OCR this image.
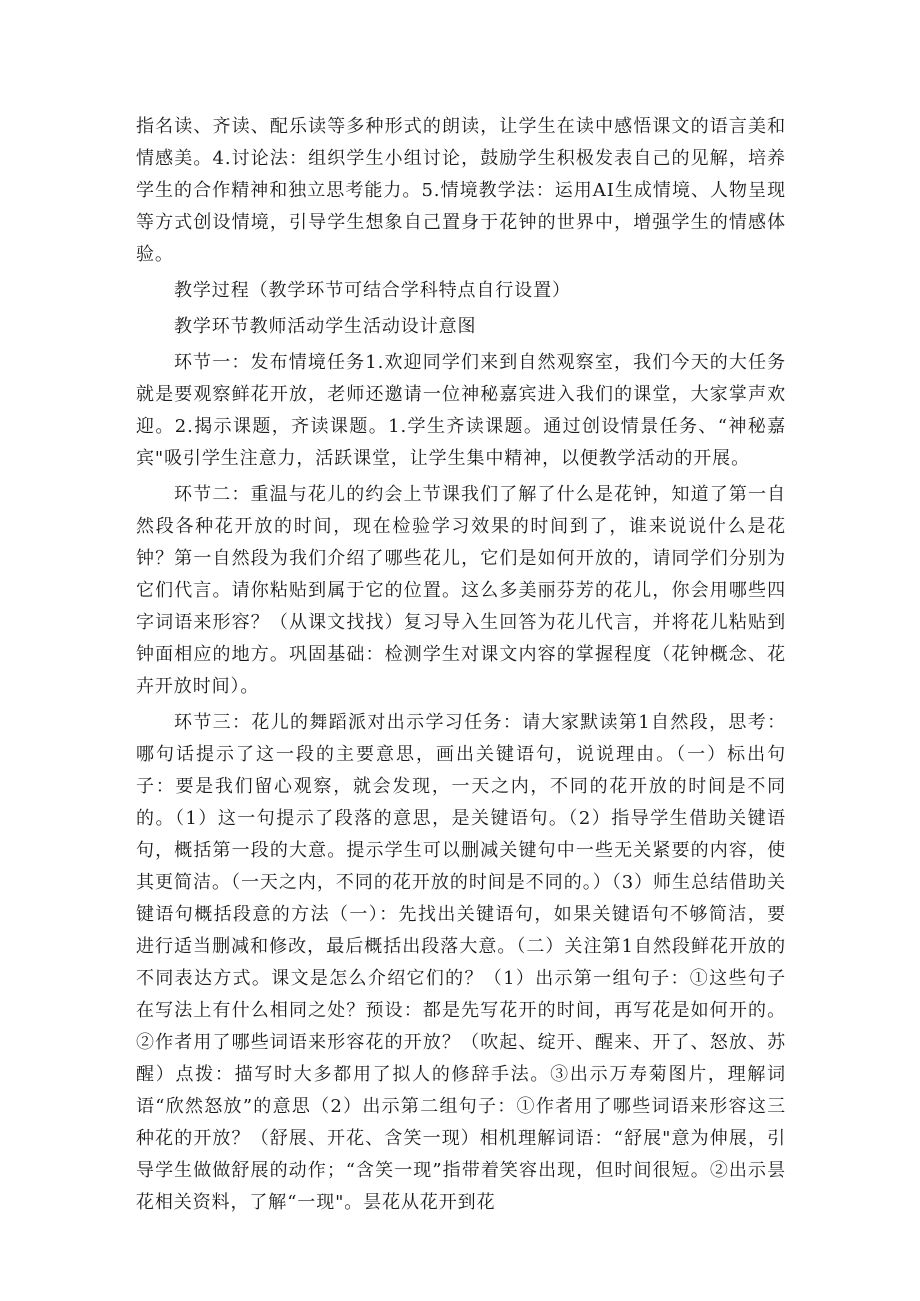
指名读、齐读、配乐读等多种形式的朗读，让学生在读中感悟课文的语言美和情感美。4.讨论法：组织学生小组讨论，鼓励学生积极发表自己的见解，培养学生的合作精神和独立思考能力。5.情境教学法：运用AI生成情境、人物呈现等方式创设情境，引导学生想象自己置身于花钟的世界中，增强学生的情感体验。

教学过程（教学环节可结合学科特点自行设置）

教学环节教师活动学生活动设计意图

环节一：发布情境任务1.欢迎同学们来到自然观察室，我们今天的大任务就是要观察鲜花开放，老师还邀请一位神秘嘉宾进入我们的课堂，大家掌声欢迎。2.揭示课题，齐读课题。1.学生齐读课题。通过创设情景任务、“神秘嘉宾"吸引学生注意力，活跃课堂，让学生集中精神，以便教学活动的开展。

环节二：重温与花儿的约会上节课我们了解了什么是花钟，知道了第一自然段各种花开放的时间，现在检验学习效果的时间到了，谁来说说什么是花钟？第一自然段为我们介绍了哪些花儿，它们是如何开放的，请同学们分别为它们代言。请你粘贴到属于它的位置。这么多美丽芬芳的花儿，你会用哪些四字词语来形容？（从课文找找）复习导入生回答为花儿代言，并将花儿粘贴到钟面相应的地方。巩固基础：检测学生对课文内容的掌握程度（花钟概念、花卉开放时间）。

环节三：花儿的舞蹈派对出示学习任务：请大家默读第1自然段，思考：哪句话提示了这一段的主要意思，画出关键语句，说说理由。（一）标出句子：要是我们留心观察，就会发现，一天之内，不同的花开放的时间是不同的。（1）这一句提示了段落的意思，是关键语句。（2）指导学生借助关键语句，概括第一段的大意。提示学生可以删减关键句中一些无关紧要的内容，使其更简洁。（一天之内，不同的花开放的时间是不同的。）（3）师生总结借助关键语句概括段意的方法（一）：先找出关键语句，如果关键语句不够简洁，要进行适当删减和修改，最后概括出段落大意。（二）关注第1自然段鲜花开放的不同表达方式。课文是怎么介绍它们的？（1）出示第一组句子：①这些句子在写法上有什么相同之处？预设：都是先写花开的时间，再写花是如何开的。②作者用了哪些词语来形容花的开放？（吹起、绽开、醒来、开了、怒放、苏醒）点拨：描写时大多都用了拟人的修辞手法。③出示万寿菊图片，理解词语“欣然怒放”的意思（2）出示第二组句子：①作者用了哪些词语来形容这三种花的开放？（舒展、开花、含笑一现）相机理解词语：“舒展"意为伸展，引导学生做做舒展的动作；“含笑一现”指带着笑容出现，但时间很短。②出示昙花相关资料，了解“一现"。昙花从花开到花
